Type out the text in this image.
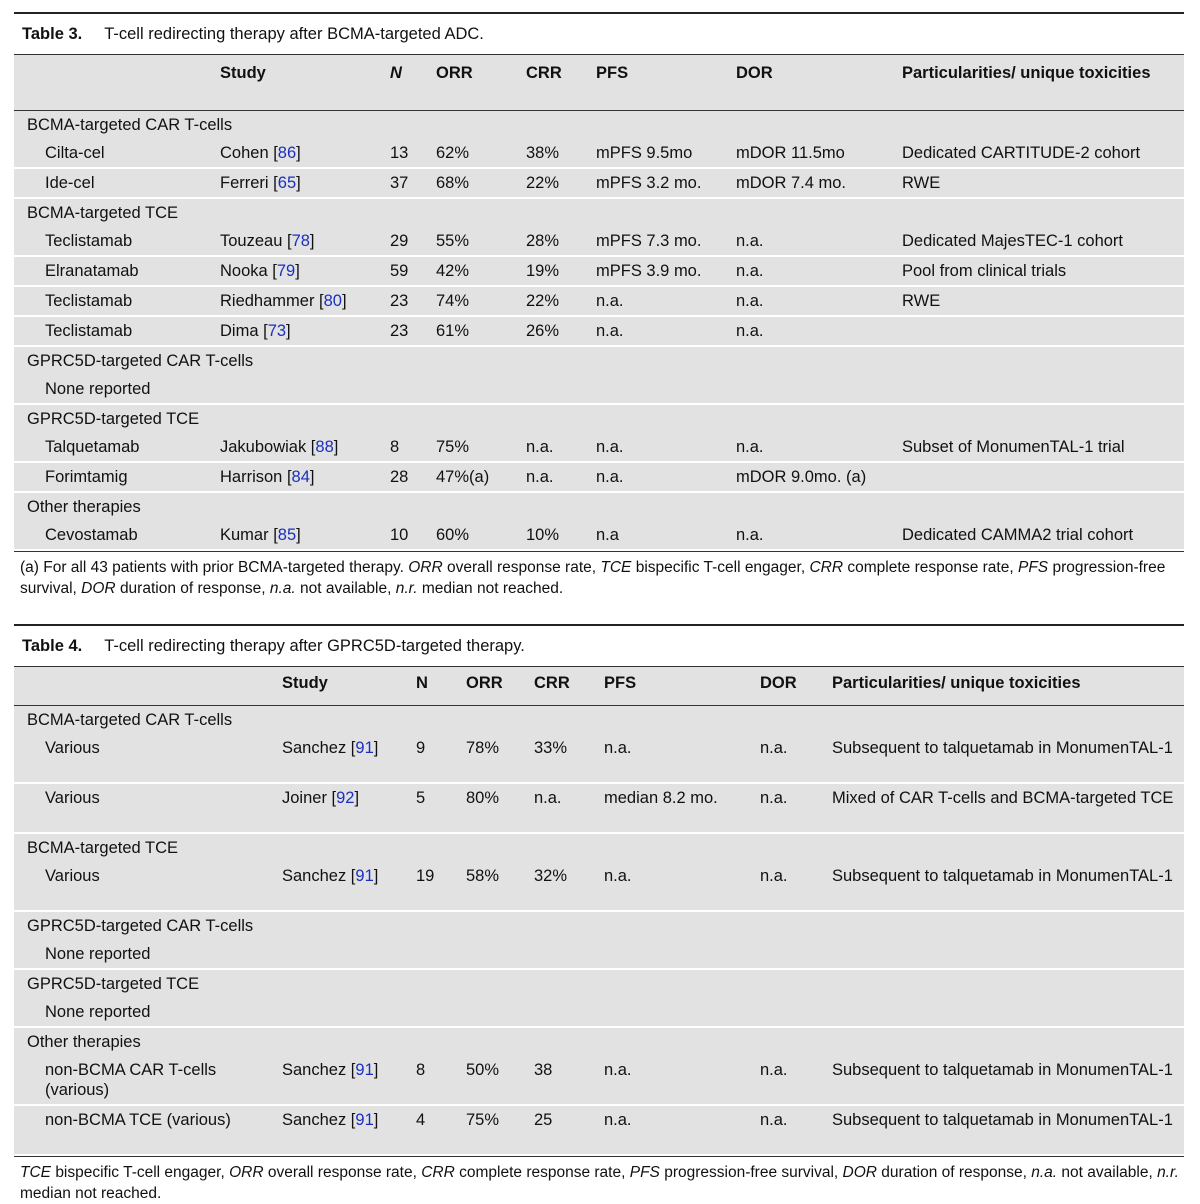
Table 3. T-cell redirecting therapy after BCMA-targeted ADC.
	Study	N	ORR	CRR	PFS	DOR	Particularities/ unique toxicities
BCMA-targeted CAR T-cells							
Cilta-cel	Cohen [86]	13	62%	38%	mPFS 9.5mo	mDOR 11.5mo	Dedicated CARTITUDE-2 cohort
Ide-cel	Ferreri [65]	37	68%	22%	mPFS 3.2 mo.	mDOR 7.4 mo.	RWE
BCMA-targeted TCE							
Teclistamab	Touzeau [78]	29	55%	28%	mPFS 7.3 mo.	n.a.	Dedicated MajesTEC-1 cohort
Elranatamab	Nooka [79]	59	42%	19%	mPFS 3.9 mo.	n.a.	Pool from clinical trials
Teclistamab	Riedhammer [80]	23	74%	22%	n.a.	n.a.	RWE
Teclistamab	Dima [73]	23	61%	26%	n.a.	n.a.	
GPRC5D-targeted CAR T-cells							
None reported							
GPRC5D-targeted TCE							
Talquetamab	Jakubowiak [88]	8	75%	n.a.	n.a.	n.a.	Subset of MonumenTAL-1 trial
Forimtamig	Harrison [84]	28	47%(a)	n.a.	n.a.	mDOR 9.0mo. (a)	
Other therapies							
Cevostamab	Kumar [85]	10	60%	10%	n.a	n.a.	Dedicated CAMMA2 trial cohort
(a) For all 43 patients with prior BCMA-targeted therapy. ORR overall response rate, TCE bispecific T-cell engager, CRR complete response rate, PFS progression-free survival, DOR duration of response, n.a. not available, n.r. median not reached.
Table 4. T-cell redirecting therapy after GPRC5D-targeted therapy.
	Study	N	ORR	CRR	PFS	DOR	Particularities/ unique toxicities
BCMA-targeted CAR T-cells							
Various	Sanchez [91]	9	78%	33%	n.a.	n.a.	Subsequent to talquetamab in MonumenTAL-1
Various	Joiner [92]	5	80%	n.a.	median 8.2 mo.	n.a.	Mixed of CAR T-cells and BCMA-targeted TCE
BCMA-targeted TCE							
Various	Sanchez [91]	19	58%	32%	n.a.	n.a.	Subsequent to talquetamab in MonumenTAL-1
GPRC5D-targeted CAR T-cells							
None reported							
GPRC5D-targeted TCE							
None reported							
Other therapies							
non-BCMA CAR T-cells (various)	Sanchez [91]	8	50%	38	n.a.	n.a.	Subsequent to talquetamab in MonumenTAL-1
non-BCMA TCE (various)	Sanchez [91]	4	75%	25	n.a.	n.a.	Subsequent to talquetamab in MonumenTAL-1
TCE bispecific T-cell engager, ORR overall response rate, CRR complete response rate, PFS progression-free survival, DOR duration of response, n.a. not available, n.r. median not reached.
